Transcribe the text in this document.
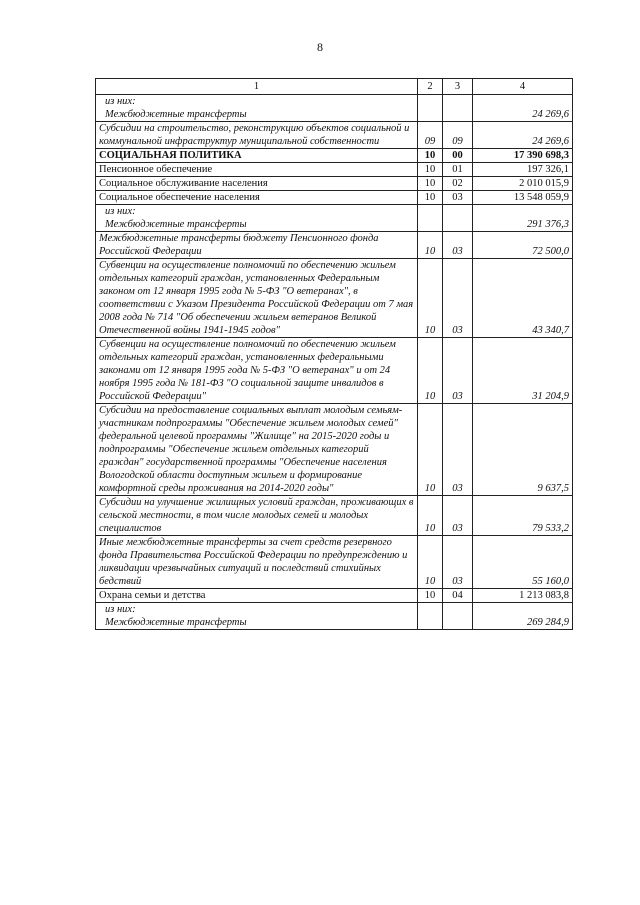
8
1	2	3	4

из них:
Межбюджетные трансферты			24 269,6

Субсидии на строительство, реконструкцию объектов социальной и коммунальной инфраструктур муниципальной собственности	09	09	24 269,6

СОЦИАЛЬНАЯ ПОЛИТИКА	10	00	17 390 698,3

Пенсионное обеспечение	10	01	197 326,1

Социальное обслуживание населения	10	02	2 010 015,9

Социальное обеспечение населения	10	03	13 548 059,9

из них:
Межбюджетные трансферты			291 376,3

Межбюджетные трансферты бюджету Пенсионного фонда Российской Федерации	10	03	72 500,0

Субвенции на осуществление полномочий по обеспечению жильем отдельных категорий граждан, установленных Федеральным законом от 12 января 1995 года № 5-ФЗ "О ветеранах", в соответствии с Указом Президента Российской Федерации от 7 мая 2008 года № 714 "Об обеспечении жильем ветеранов Великой Отечественной войны 1941-1945 годов"	10	03	43 340,7

Субвенции на осуществление полномочий по обеспечению жильем отдельных категорий граждан, установленных федеральными законами от 12 января 1995 года № 5-ФЗ "О ветеранах" и от 24 ноября 1995 года № 181-ФЗ "О социальной защите инвалидов в Российской Федерации"	10	03	31 204,9

Субсидии на предоставление социальных выплат молодым семьям-участникам подпрограммы "Обеспечение жильем молодых семей" федеральной целевой программы "Жилище" на 2015-2020 годы и подпрограммы "Обеспечение жильем отдельных категорий граждан" государственной программы "Обеспечение населения Вологодской области доступным жильем и формирование комфортной среды проживания на 2014-2020 годы"	10	03	9 637,5

Субсидии на улучшение жилищных условий граждан, проживающих в сельской местности, в том числе молодых семей и молодых специалистов	10	03	79 533,2

Иные межбюджетные трансферты за счет средств резервного фонда Правительства Российской Федерации по предупреждению и ликвидации чрезвычайных ситуаций и последствий стихийных бедствий	10	03	55 160,0

Охрана семьи и детства	10	04	1 213 083,8

из них:
Межбюджетные трансферты			269 284,9
